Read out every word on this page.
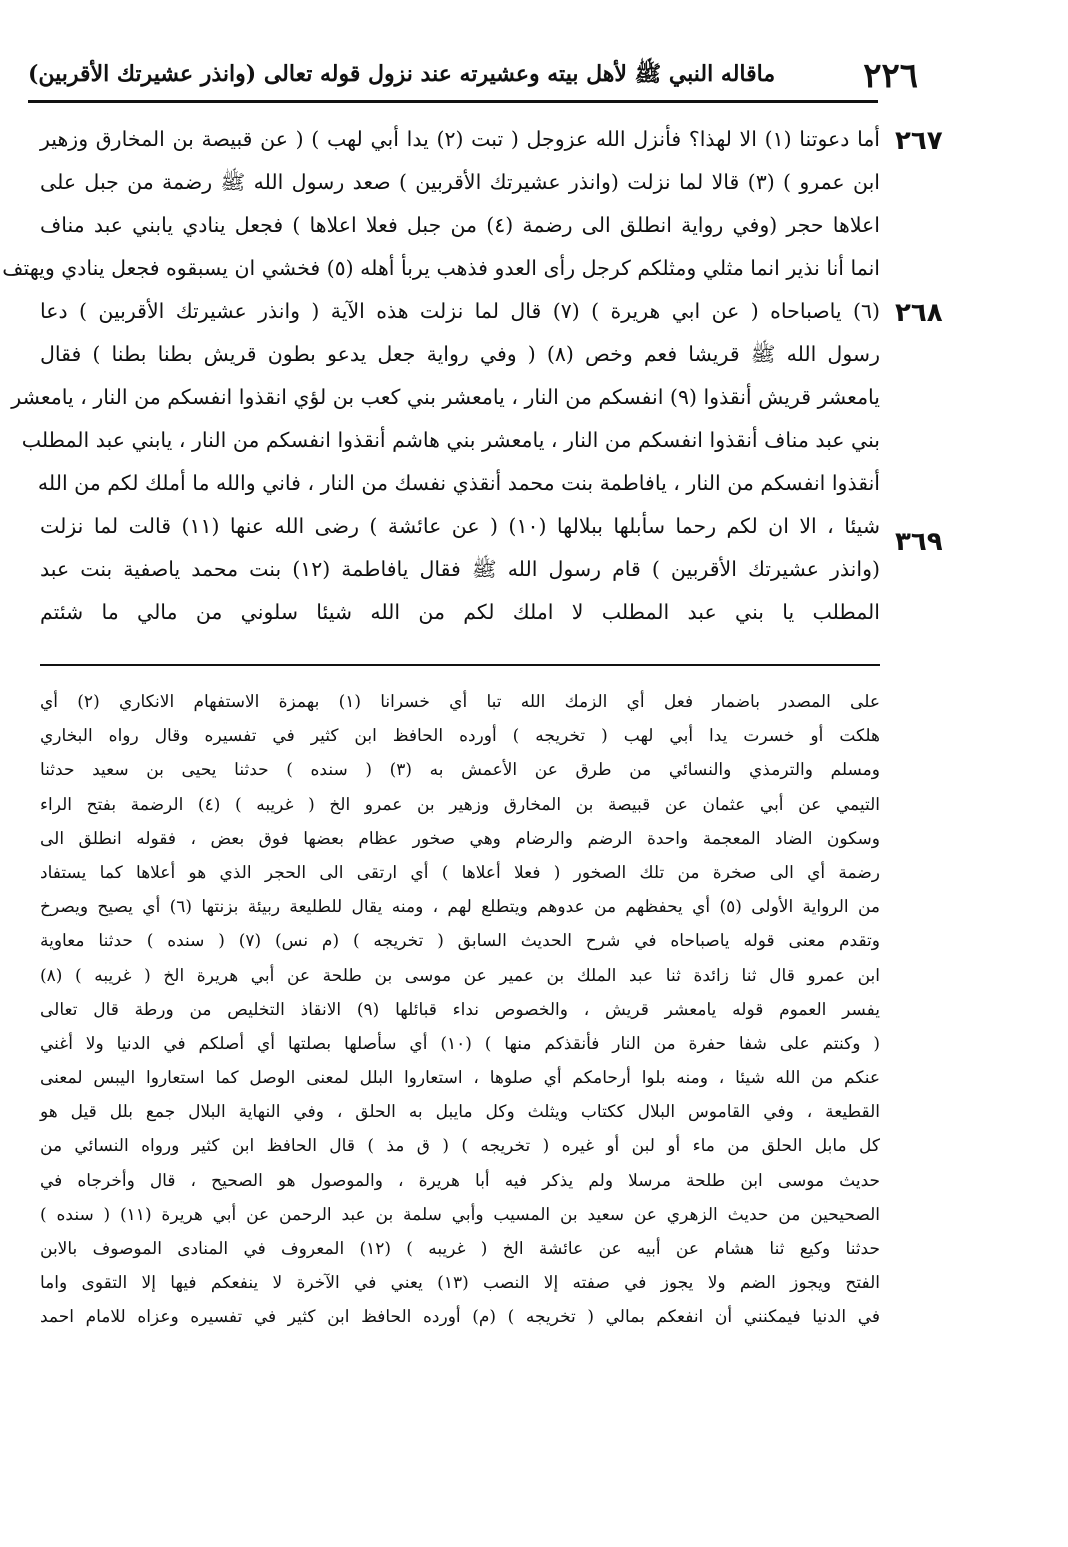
٢٢٦
ماقاله النبي ﷺ لأهل بيته وعشيرته عند نزول قوله تعالى (وانذر عشيرتك الأقربين)
٢٦٧
٢٦٨
٣٦٩
أما دعوتنا (١) الا لهذا؟ فأنزل الله عزوجل ( تبت (٢) يدا أبي لهب ) ( عن قبيصة بن المخارق وزهير
ابن عمرو ) (٣) قالا لما نزلت (وانذر عشيرتك الأقربين ) صعد رسول الله ﷺ رضمة من جبل على
اعلاها حجر (وفي رواية انطلق الى رضمة (٤) من جبل فعلا اعلاها ) فجعل ينادي يابني عبد مناف
انما أنا نذير انما مثلي ومثلكم كرجل رأى العدو فذهب يربأ أهله (٥) فخشي ان يسبقوه فجعل ينادي ويهتف
(٦) ياصباحاه ( عن ابي هريرة ) (٧) قال لما نزلت هذه الآية ( وانذر عشيرتك الأقربين ) دعا
رسول الله ﷺ قريشا فعم وخص (٨) ( وفي رواية جعل يدعو بطون قريش بطنا بطنا ) فقال
يامعشر قريش أنقذوا (٩) انفسكم من النار ، يامعشر بني كعب بن لؤي انقذوا انفسكم من النار ، يامعشر
بني عبد مناف أنقذوا انفسكم من النار ، يامعشر بني هاشم أنقذوا انفسكم من النار ، يابني عبد المطلب
أنقذوا انفسكم من النار ، يافاطمة بنت محمد أنقذي نفسك من النار ، فاني والله ما أملك لكم من الله
شيئا ، الا ان لكم رحما سأبلها ببلالها (١٠) ( عن عائشة ) رضى الله عنها (١١) قالت لما نزلت
(وانذر عشيرتك الأقربين ) قام رسول الله ﷺ فقال يافاطمة (١٢) بنت محمد ياصفية بنت عبد
المطلب يا بني عبد المطلب لا املك لكم من الله شيئا سلوني من مالي ما شئتم
على المصدر باضمار فعل أي الزمك الله تبا أي خسرانا (١) بهمزة الاستفهام الانكاري (٢) أي
هلكت أو خسرت يدا أبي لهب ( تخريجه ) أورده الحافظ ابن كثير في تفسيره وقال رواه البخاري
ومسلم والترمذي والنسائي من طرق عن الأعمش به (٣) ( سنده ) حدثنا يحيى بن سعيد حدثنا
التيمي عن أبي عثمان عن قبيصة بن المخارق وزهير بن عمرو الخ ( غريبه ) (٤) الرضمة بفتح الراء
وسكون الضاد المعجمة واحدة الرضم والرضام وهي صخور عظام بعضها فوق بعض ، فقوله انطلق الى
رضمة أي الى صخرة من تلك الصخور ( فعلا أعلاها ) أي ارتقى الى الحجر الذي هو أعلاها كما يستفاد
من الرواية الأولى (٥) أي يحفظهم من عدوهم ويتطلع لهم ، ومنه يقال للطليعة ربيئة بزنتها (٦) أي يصيح ويصرخ
وتقدم معنى قوله ياصباحاه في شرح الحديث السابق ( تخريجه ) (م نس) (٧) ( سنده ) حدثنا معاوية
ابن عمرو قال ثنا زائدة ثنا عبد الملك بن عمير عن موسى بن طلحة عن أبي هريرة الخ ( غريبه ) (٨)
يفسر العموم قوله يامعشر قريش ، والخصوص نداء قبائلها (٩) الانقاذ التخليص من ورطة قال تعالى
( وكنتم على شفا حفرة من النار فأنقذكم منها ) (١٠) أي سأصلها بصلتها أي أصلكم في الدنيا ولا أغني
عنكم من الله شيئا ، ومنه بلوا أرحامكم أي صلوها ، استعاروا البلل لمعنى الوصل كما استعاروا اليبس لمعنى
القطيعة ، وفي القاموس البلال ككتاب ويثلث وكل مايبل به الحلق ، وفي النهاية البلال جمع بلل قيل هو
كل مابل الحلق من ماء أو لبن أو غيره ( تخريجه ) ( ق مذ ) قال الحافظ ابن كثير ورواه النسائي من
حديث موسى ابن طلحة مرسلا ولم يذكر فيه أبا هريرة ، والموصول هو الصحيح ، قال وأخرجاه في
الصحيحين من حديث الزهري عن سعيد بن المسيب وأبي سلمة بن عبد الرحمن عن أبي هريرة (١١) ( سنده )
حدثنا وكيع ثنا هشام عن أبيه عن عائشة الخ ( غريبه ) (١٢) المعروف في المنادى الموصوف بالابن
الفتح ويجوز الضم ولا يجوز في صفته إلا النصب (١٣) يعني في الآخرة لا ينفعكم فيها إلا التقوى واما
في الدنيا فيمكنني أن انفعكم بمالي ( تخريجه ) (م) أورده الحافظ ابن كثير في تفسيره وعزاه للامام احمد
